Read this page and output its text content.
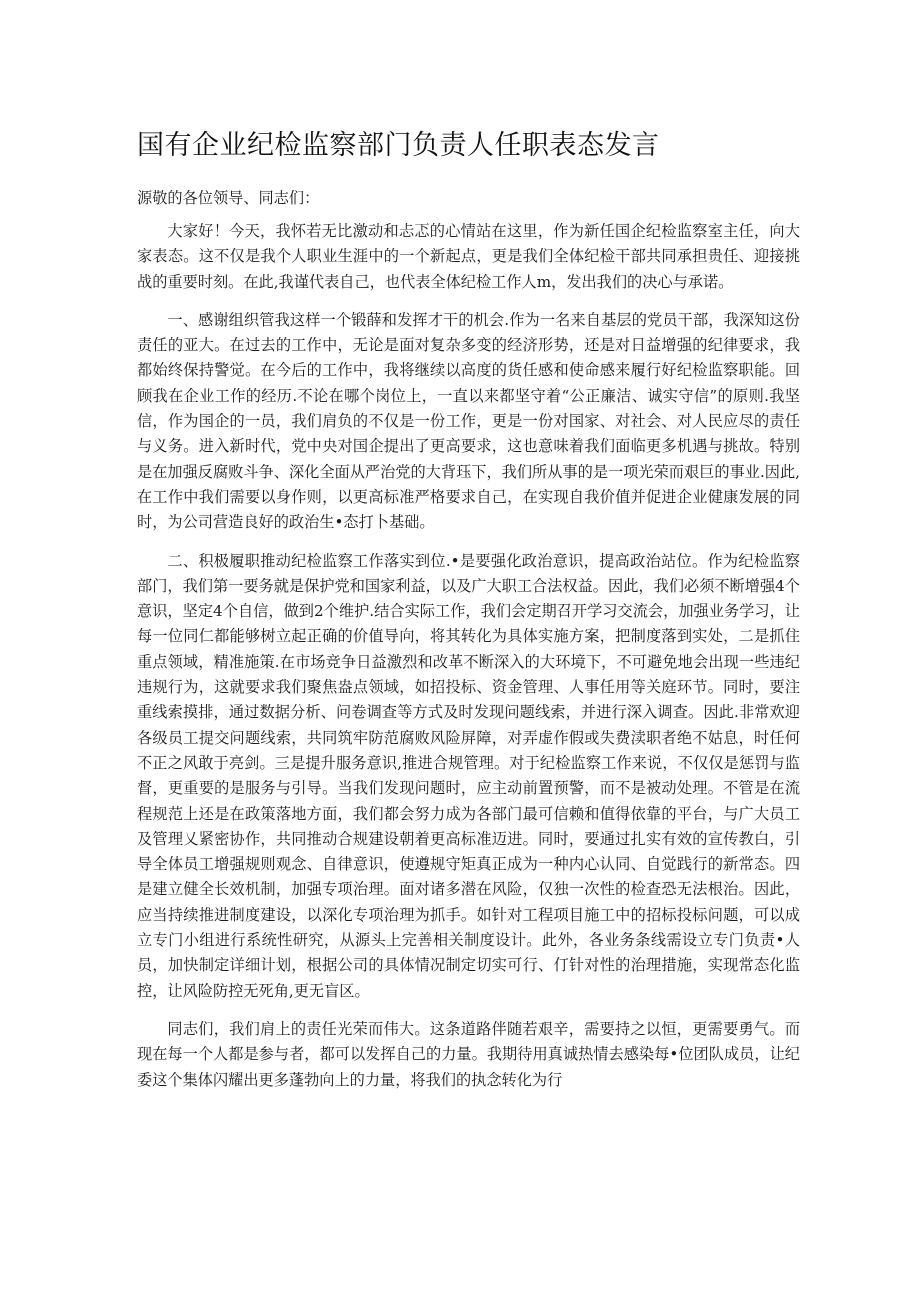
国有企业纪检监察部门负责人任职表态发言

源敬的各位领导、同志们：

大家好！今天，我怀若无比激动和忐忑的心情站在这里，作为新任国企纪检监察室主任，向大家表态。这不仅是我个人职业生涯中的一个新起点，更是我们全体纪检干部共同承担贵任、迎接挑战的重要时刻。在此,我谨代表自己，也代表全体纪检工作人m，发出我们的决心与承诺。

一、感谢组织管我这样一个锻薛和发挥才干的机会.作为一名来自基层的党员干部，我深知这份责任的亚大。在过去的工作中，无论是面对复杂多变的经济形势，还是对日益增强的纪律要求，我都始终保持警觉。在今后的工作中，我将继续以高度的货任感和使命感来履行好纪检监察职能。回顾我在企业工作的经历.不论在哪个岗位上，一直以来都坚守着“公正廉洁、诚实守信”的原则.我坚信，作为国企的一员，我们肩负的不仅是一份工作，更是一份对国家、对社会、对人民应尽的责任与义务。进入新时代，党中央对国企提出了更高要求，这也意味着我们面临更多机遇与挑故。特别是在加强反腐败斗争、深化全面从严治党的大背珏下，我们所从事的是一项光荣而艰巨的事业.因此,在工作中我们需要以身作则，以更高标准严格要求自己，在实现自我价值并促进企业健康发展的同时，为公司营造良好的政治生•态打卜基础。

二、积极履职推动纪检监察工作落实到位.•是要强化政治意识，提高政治站位。作为纪检监察部门，我们第一要务就是保护党和国家利益，以及广大职工合法权益。因此，我们必须不断增强4个意识，坚定4个自信，做到2个维护.结合实际工作，我们会定期召开学习交流会，加强业务学习，让每一位同仁都能够树立起正确的价值导向，将其转化为具体实施方案，把制度落到实处，二是抓住重点领域，精准施策.在市场竞争日益激烈和改革不断深入的大环境下，不可避免地会出现一些违纪违规行为，这就要求我们聚焦盎点领域，如招投标、资金管理、人事任用等关庭环节。同时，要注重线索摸排，通过数据分析、问卷调查等方式及时发现问题线索，并进行深入调查。因此.非常欢迎各级员工提交问题线索，共同筑牢防范腐败风险屏障，对弄虚作假或失费渎职者绝不姑息，时任何不正之风敢于亮剑。三是提升服务意识,推进合规管理。对于纪检监察工作来说，不仅仅是惩罚与监督，更重要的是服务与引导。当我们发现问题时，应主动前置预警，而不是被动处理。不管是在流程规范上还是在政策落地方面，我们都会努力成为各部门最可信赖和值得依靠的平台，与广大员工及管理乂紧密协作，共同推动合规建设朝着更高标准迈进。同时，要通过扎实有效的宣传教白，引导全体员工增强规则观念、自律意识，使遵规守矩真正成为一种内心认同、自觉践行的新常态。四是建立健全长效机制，加强专项治理。面对诸多潜在风险，仅独一次性的检查恐无法根治。因此，应当持续推进制度建设，以深化专项治理为抓手。如针对工程项目施工中的招标投标问题，可以成立专门小组进行系统性研究，从源头上完善相关制度设计。此外，各业务条线需设立专门负责•人员，加快制定详细计划，根据公司的具体情况制定切实可行、仃针对性的治理措施，实现常态化监控，让风险防控无死角,更无盲区。

同志们，我们肩上的责任光荣而伟大。这条道路伴随若艰辛，需要持之以恒，更需要勇气。而现在每一个人都是参与者，都可以发挥自己的力量。我期待用真诚热情去感染每•位团队成员，让纪委这个集体闪耀出更多蓬勃向上的力量，将我们的执念转化为行
